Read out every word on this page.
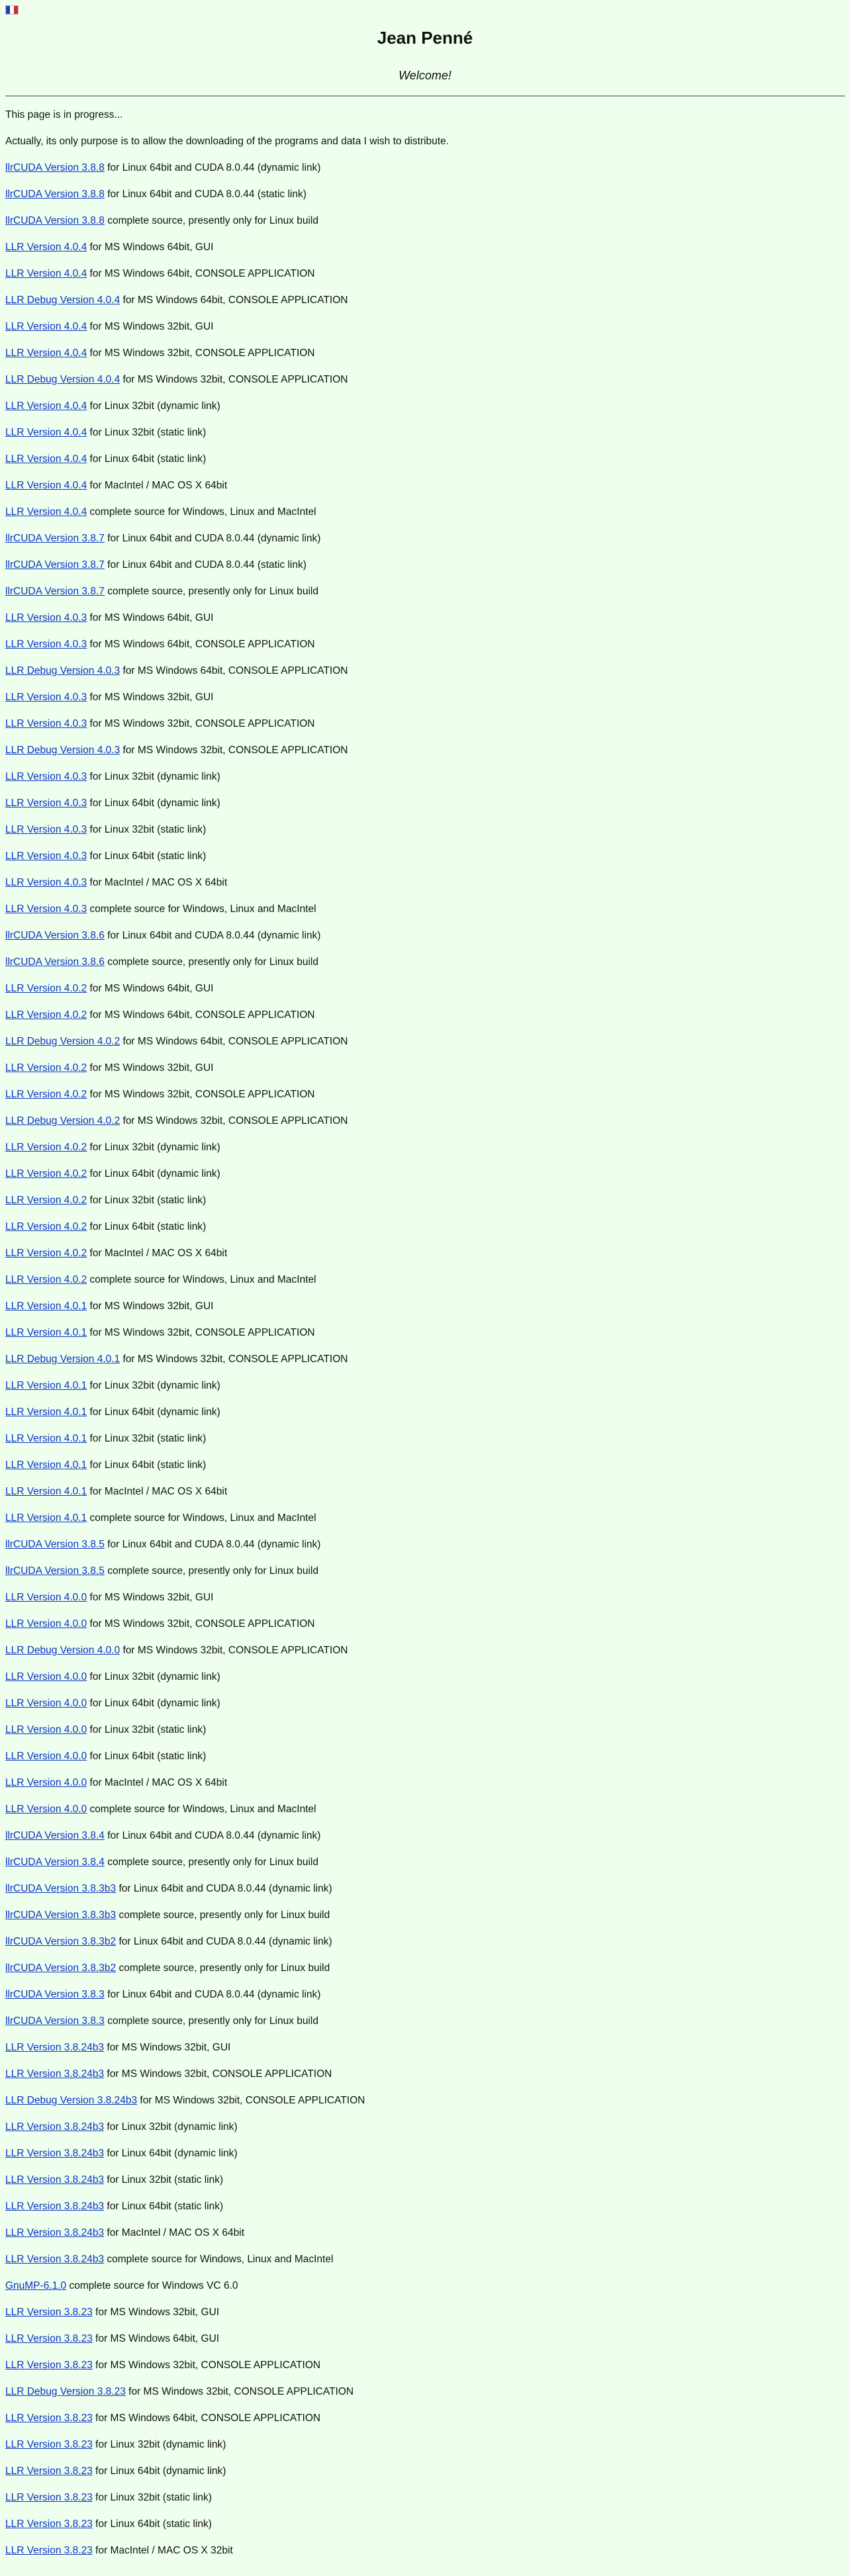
Jean Penné
Welcome!

This page is in progress...

Actually, its only purpose is to allow the downloading of the programs and data I wish to distribute.

llrCUDA Version 3.8.8 for Linux 64bit and CUDA 8.0.44 (dynamic link)

llrCUDA Version 3.8.8 for Linux 64bit and CUDA 8.0.44 (static link)

llrCUDA Version 3.8.8 complete source, presently only for Linux build

LLR Version 4.0.4 for MS Windows 64bit, GUI

LLR Version 4.0.4 for MS Windows 64bit, CONSOLE APPLICATION

LLR Debug Version 4.0.4 for MS Windows 64bit, CONSOLE APPLICATION

LLR Version 4.0.4 for MS Windows 32bit, GUI

LLR Version 4.0.4 for MS Windows 32bit, CONSOLE APPLICATION

LLR Debug Version 4.0.4 for MS Windows 32bit, CONSOLE APPLICATION

LLR Version 4.0.4 for Linux 32bit (dynamic link)

LLR Version 4.0.4 for Linux 32bit (static link)

LLR Version 4.0.4 for Linux 64bit (static link)

LLR Version 4.0.4 for MacIntel / MAC OS X 64bit

LLR Version 4.0.4 complete source for Windows, Linux and MacIntel

llrCUDA Version 3.8.7 for Linux 64bit and CUDA 8.0.44 (dynamic link)

llrCUDA Version 3.8.7 for Linux 64bit and CUDA 8.0.44 (static link)

llrCUDA Version 3.8.7 complete source, presently only for Linux build

LLR Version 4.0.3 for MS Windows 64bit, GUI

LLR Version 4.0.3 for MS Windows 64bit, CONSOLE APPLICATION

LLR Debug Version 4.0.3 for MS Windows 64bit, CONSOLE APPLICATION

LLR Version 4.0.3 for MS Windows 32bit, GUI

LLR Version 4.0.3 for MS Windows 32bit, CONSOLE APPLICATION

LLR Debug Version 4.0.3 for MS Windows 32bit, CONSOLE APPLICATION

LLR Version 4.0.3 for Linux 32bit (dynamic link)

LLR Version 4.0.3 for Linux 64bit (dynamic link)

LLR Version 4.0.3 for Linux 32bit (static link)

LLR Version 4.0.3 for Linux 64bit (static link)

LLR Version 4.0.3 for MacIntel / MAC OS X 64bit

LLR Version 4.0.3 complete source for Windows, Linux and MacIntel

llrCUDA Version 3.8.6 for Linux 64bit and CUDA 8.0.44 (dynamic link)

llrCUDA Version 3.8.6 complete source, presently only for Linux build

LLR Version 4.0.2 for MS Windows 64bit, GUI

LLR Version 4.0.2 for MS Windows 64bit, CONSOLE APPLICATION

LLR Debug Version 4.0.2 for MS Windows 64bit, CONSOLE APPLICATION

LLR Version 4.0.2 for MS Windows 32bit, GUI

LLR Version 4.0.2 for MS Windows 32bit, CONSOLE APPLICATION

LLR Debug Version 4.0.2 for MS Windows 32bit, CONSOLE APPLICATION

LLR Version 4.0.2 for Linux 32bit (dynamic link)

LLR Version 4.0.2 for Linux 64bit (dynamic link)

LLR Version 4.0.2 for Linux 32bit (static link)

LLR Version 4.0.2 for Linux 64bit (static link)

LLR Version 4.0.2 for MacIntel / MAC OS X 64bit

LLR Version 4.0.2 complete source for Windows, Linux and MacIntel

LLR Version 4.0.1 for MS Windows 32bit, GUI

LLR Version 4.0.1 for MS Windows 32bit, CONSOLE APPLICATION

LLR Debug Version 4.0.1 for MS Windows 32bit, CONSOLE APPLICATION

LLR Version 4.0.1 for Linux 32bit (dynamic link)

LLR Version 4.0.1 for Linux 64bit (dynamic link)

LLR Version 4.0.1 for Linux 32bit (static link)

LLR Version 4.0.1 for Linux 64bit (static link)

LLR Version 4.0.1 for MacIntel / MAC OS X 64bit

LLR Version 4.0.1 complete source for Windows, Linux and MacIntel

llrCUDA Version 3.8.5 for Linux 64bit and CUDA 8.0.44 (dynamic link)

llrCUDA Version 3.8.5 complete source, presently only for Linux build

LLR Version 4.0.0 for MS Windows 32bit, GUI

LLR Version 4.0.0 for MS Windows 32bit, CONSOLE APPLICATION

LLR Debug Version 4.0.0 for MS Windows 32bit, CONSOLE APPLICATION

LLR Version 4.0.0 for Linux 32bit (dynamic link)

LLR Version 4.0.0 for Linux 64bit (dynamic link)

LLR Version 4.0.0 for Linux 32bit (static link)

LLR Version 4.0.0 for Linux 64bit (static link)

LLR Version 4.0.0 for MacIntel / MAC OS X 64bit

LLR Version 4.0.0 complete source for Windows, Linux and MacIntel

llrCUDA Version 3.8.4 for Linux 64bit and CUDA 8.0.44 (dynamic link)

llrCUDA Version 3.8.4 complete source, presently only for Linux build

llrCUDA Version 3.8.3b3 for Linux 64bit and CUDA 8.0.44 (dynamic link)

llrCUDA Version 3.8.3b3 complete source, presently only for Linux build

llrCUDA Version 3.8.3b2 for Linux 64bit and CUDA 8.0.44 (dynamic link)

llrCUDA Version 3.8.3b2 complete source, presently only for Linux build

llrCUDA Version 3.8.3 for Linux 64bit and CUDA 8.0.44 (dynamic link)

llrCUDA Version 3.8.3 complete source, presently only for Linux build

LLR Version 3.8.24b3 for MS Windows 32bit, GUI

LLR Version 3.8.24b3 for MS Windows 32bit, CONSOLE APPLICATION

LLR Debug Version 3.8.24b3 for MS Windows 32bit, CONSOLE APPLICATION

LLR Version 3.8.24b3 for Linux 32bit (dynamic link)

LLR Version 3.8.24b3 for Linux 64bit (dynamic link)

LLR Version 3.8.24b3 for Linux 32bit (static link)

LLR Version 3.8.24b3 for Linux 64bit (static link)

LLR Version 3.8.24b3 for MacIntel / MAC OS X 64bit

LLR Version 3.8.24b3 complete source for Windows, Linux and MacIntel

GnuMP-6.1.0 complete source for Windows VC 6.0

LLR Version 3.8.23 for MS Windows 32bit, GUI

LLR Version 3.8.23 for MS Windows 64bit, GUI

LLR Version 3.8.23 for MS Windows 32bit, CONSOLE APPLICATION

LLR Debug Version 3.8.23 for MS Windows 32bit, CONSOLE APPLICATION

LLR Version 3.8.23 for MS Windows 64bit, CONSOLE APPLICATION

LLR Version 3.8.23 for Linux 32bit (dynamic link)

LLR Version 3.8.23 for Linux 64bit (dynamic link)

LLR Version 3.8.23 for Linux 32bit (static link)

LLR Version 3.8.23 for Linux 64bit (static link)

LLR Version 3.8.23 for MacIntel / MAC OS X 32bit
